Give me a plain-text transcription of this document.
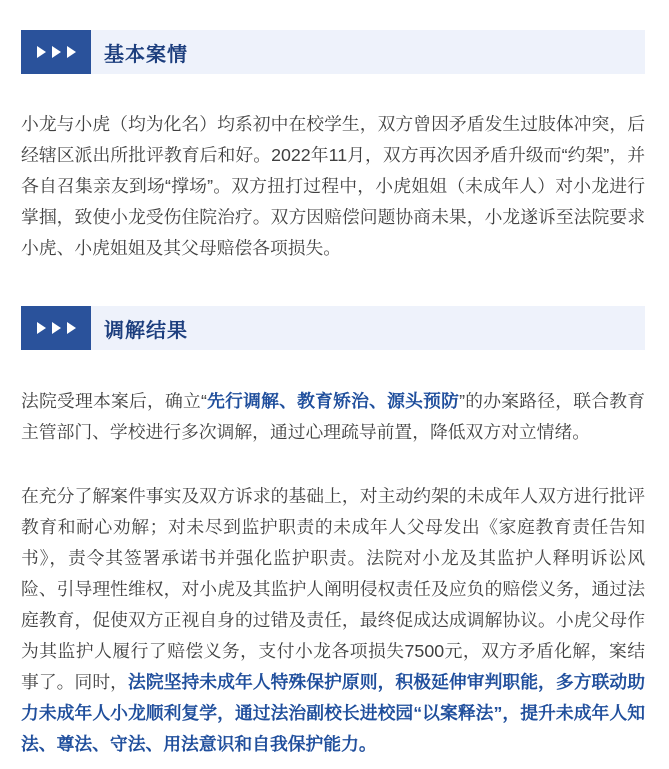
基本案情

小龙与小虎（均为化名）均系初中在校学生，双方曾因矛盾发生过肢体冲突，后经辖区派出所批评教育后和好。2022年11月，双方再次因矛盾升级而“约架”，并各自召集亲友到场“撑场”。双方扭打过程中，小虎姐姐（未成年人）对小龙进行掌掴，致使小龙受伤住院治疗。双方因赔偿问题协商未果，小龙遂诉至法院要求小虎、小虎姐姐及其父母赔偿各项损失。

调解结果

法院受理本案后，确立“先行调解、教育矫治、源头预防”的办案路径，联合教育主管部门、学校进行多次调解，通过心理疏导前置，降低双方对立情绪。

在充分了解案件事实及双方诉求的基础上，对主动约架的未成年人双方进行批评教育和耐心劝解；对未尽到监护职责的未成年人父母发出《家庭教育责任告知书》，责令其签署承诺书并强化监护职责。法院对小龙及其监护人释明诉讼风险、引导理性维权，对小虎及其监护人阐明侵权责任及应负的赔偿义务，通过法庭教育，促使双方正视自身的过错及责任，最终促成达成调解协议。小虎父母作为其监护人履行了赔偿义务，支付小龙各项损失7500元，双方矛盾化解，案结事了。同时，法院坚持未成年人特殊保护原则，积极延伸审判职能，多方联动助力未成年人小龙顺利复学，通过法治副校长进校园“以案释法”，提升未成年人知法、尊法、守法、用法意识和自我保护能力。
